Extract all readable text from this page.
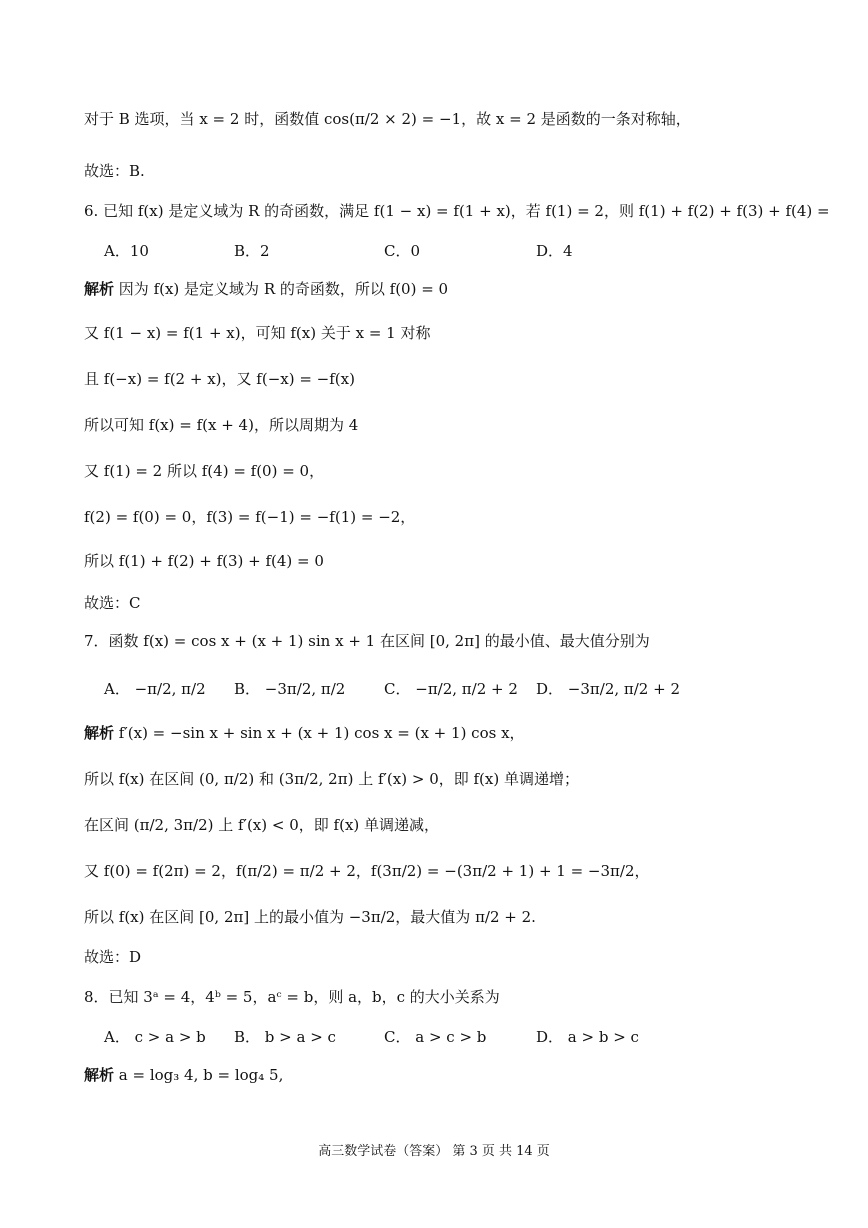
对于 B 选项，当 x = 2 时，函数值 cos(π/2 × 2) = −1，故 x = 2 是函数的一条对称轴，
故选：B.
6. 已知 f(x) 是定义域为 R 的奇函数，满足 f(1 − x) = f(1 + x)，若 f(1) = 2，则 f(1) + f(2) + f(3) + f(4) =
A．10	B．2	C．0	D．4
解析 因为 f(x) 是定义域为 R 的奇函数，所以 f(0) = 0
又 f(1 − x) = f(1 + x)，可知 f(x) 关于 x = 1 对称
且 f(−x) = f(2 + x)，又 f(−x) = −f(x)
所以可知 f(x) = f(x + 4)，所以周期为 4
又 f(1) = 2 所以 f(4) = f(0) = 0，
f(2) = f(0) = 0，f(3) = f(−1) = −f(1) = −2，
所以 f(1) + f(2) + f(3) + f(4) = 0
故选：C
7．函数 f(x) = cos x + (x + 1) sin x + 1 在区间 [0, 2π] 的最小值、最大值分别为
A． −π/2, π/2 B． −3π/2, π/2	C． −π/2, π/2 + 2 D． −3π/2, π/2 + 2
解析 f′(x) = −sin x + sin x + (x + 1) cos x = (x + 1) cos x，
所以 f(x) 在区间 (0, π/2) 和 (3π/2, 2π) 上 f′(x) > 0，即 f(x) 单调递增；
在区间 (π/2, 3π/2) 上 f′(x) < 0，即 f(x) 单调递减，
又 f(0) = f(2π) = 2，f(π/2) = π/2 + 2，f(3π/2) = −(3π/2 + 1) + 1 = −3π/2，
所以 f(x) 在区间 [0, 2π] 上的最小值为 −3π/2，最大值为 π/2 + 2.
故选：D
8．已知 3ᵃ = 4，4ᵇ = 5，aᶜ = b，则 a，b，c 的大小关系为
A． c > a > b B． b > a > c	C． a > c > b	D． a > b > c
解析 a = log₃ 4, b = log₄ 5,
高三数学试卷（答案） 第 3 页 共 14 页
